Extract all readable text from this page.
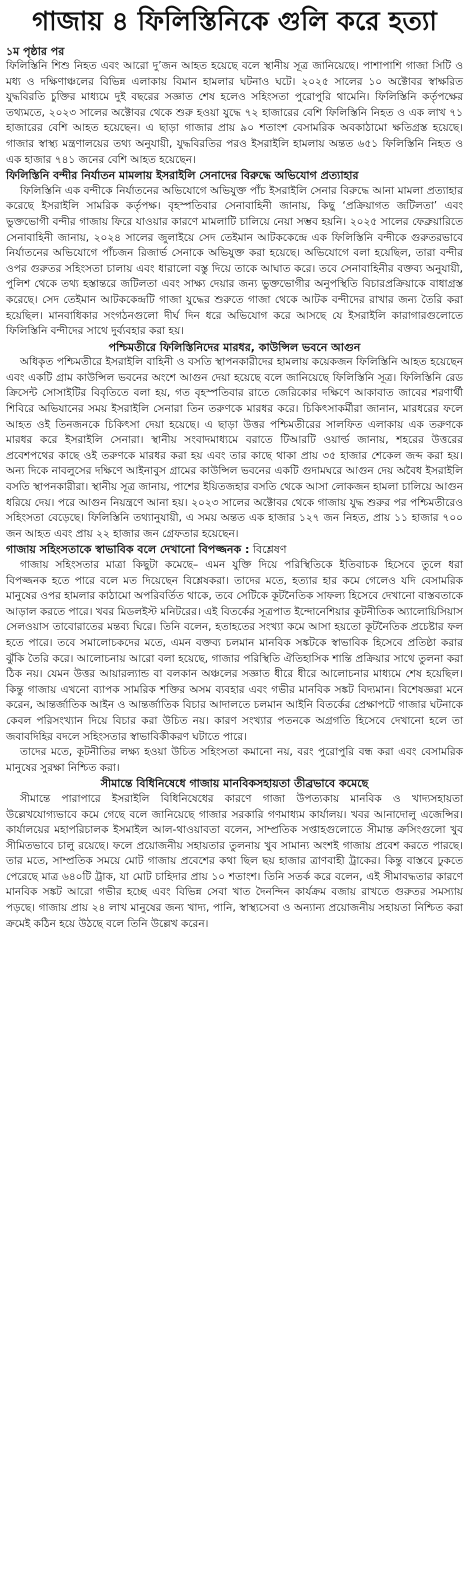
গাজায় ৪ ফিলিস্তিনিকে গুলি করে হত্যা

১ম পৃষ্ঠার পর

ফিলিস্তিনি শিশু নিহত এবং আরো দু’জন আহত হয়েছে বলে স্থানীয় সূত্র জানিয়েছে। পাশাপাশি গাজা সিটি ও মধ্য ও দক্ষিণাঞ্চলের বিভিন্ন এলাকায় বিমান হামলার ঘটনাও ঘটে। ২০২৫ সালের ১০ অক্টোবর স্বাক্ষরিত যুদ্ধবিরতি চুক্তির মাধ্যমে দুই বছরের সজ্ঞাত শেষ হলেও সহিংসতা পুরোপুরি থামেনি। ফিলিস্তিনি কর্তৃপক্ষের তথ্যমতে, ২০২৩ সালের অক্টোবর থেকে শুরু হওয়া যুদ্ধে ৭২ হাজারের বেশি ফিলিস্তিনি নিহত ও এক লাখ ৭১ হাজারের বেশি আহত হয়েছেন। এ ছাড়া গাজার প্রায় ৯০ শতাংশ বেসামরিক অবকাঠামো ক্ষতিগ্রস্ত হয়েছে। গাজার স্বাস্থ্য মন্ত্রণালয়ের তথ্য অনুযায়ী, যুদ্ধবিরতির পরও ইসরাইলি হামলায় অন্তত ৬৫১ ফিলিস্তিনি নিহত ও এক হাজার ৭৪১ জনের বেশি আহত হয়েছেন।

ফিলিস্তিনি বন্দীর নির্যাতন মামলায় ইসরাইলি সেনাদের বিরুদ্ধে অভিযোগ প্রত্যাহার

ফিলিস্তিনি এক বন্দীকে নির্যাতনের অভিযোগে অভিযুক্ত পাঁচ ইসরাইলি সেনার বিরুদ্ধে আনা মামলা প্রত্যাহার করেছে ইসরাইলি সামরিক কর্তৃপক্ষ। বৃহস্পতিবার সেনাবাহিনী জানায়, কিছু ‘প্রক্রিয়াগত জটিলতা’ এবং ভুক্তভোগী বন্দীর গাজায় ফিরে যাওয়ার কারণে মামলাটি চালিয়ে নেয়া সম্ভব হয়নি। ২০২৫ সালের ফেব্রুয়ারিতে সেনাবাহিনী জানায়, ২০২৪ সালের জুলাইয়ে সেদ তেইমান আটককেন্দ্রে এক ফিলিস্তিনি বন্দীকে গুরুতরভাবে নির্যাতনের অভিযোগে পাঁচজন রিজার্ভ সেনাকে অভিযুক্ত করা হয়েছে। অভিযোগে বলা হয়েছিল, তারা বন্দীর ওপর গুরুতর সহিংসতা চালায় এবং ধারালো বস্তু দিয়ে তাকে আঘাত করে। তবে সেনাবাহিনীর বক্তব্য অনুযায়ী, পুলিশ থেকে তথ্য হস্তান্তরে জটিলতা এবং সাক্ষ্য দেয়ার জন্য ভুক্তভোগীর অনুপস্থিতি বিচারপ্রক্রিয়াকে বাধাগ্রস্ত করেছে। সেদ তেইমান আটককেন্দ্রটি গাজা যুদ্ধের শুরুতে গাজা থেকে আটক বন্দীদের রাখার জন্য তৈরি করা হয়েছিল। মানবাধিকার সংগঠনগুলো দীর্ঘ দিন ধরে অভিযোগ করে আসছে যে ইসরাইলি কারাগারগুলোতে ফিলিস্তিনি বন্দীদের সাথে দুর্ব্যবহার করা হয়।

পশ্চিমতীরে ফিলিস্তিনিদের মারধর, কাউন্সিল ভবনে আগুন

অধিকৃত পশ্চিমতীরে ইসরাইলি বাহিনী ও বসতি স্থাপনকারীদের হামলায় কয়েকজন ফিলিস্তিনি আহত হয়েছেন এবং একটি গ্রাম কাউন্সিল ভবনের অংশে আগুন দেয়া হয়েছে বলে জানিয়েছে ফিলিস্তিনি সূত্র। ফিলিস্তিনি রেড ক্রিসেন্ট সোসাইটির বিবৃতিতে বলা হয়, গত বৃহস্পতিবার রাতে জেরিকোর দক্ষিণে আকাবাত জাবের শরণার্থী শিবিরে অভিযানের সময় ইসরাইলি সেনারা তিন তরুণকে মারধর করে। চিকিৎসাকর্মীরা জানান, মারধরের ফলে আহত ওই তিনজনকে চিকিৎসা দেয়া হয়েছে। এ ছাড়া উত্তর পশ্চিমতীরের সালফিত এলাকায় এক তরুণকে মারধর করে ইসরাইলি সেনারা। স্থানীয় সংবাদমাধ্যমে বরাতে টিআরটি ওয়ার্ল্ড জানায়, শহরের উত্তরের প্রবেশপথের কাছে ওই তরুণকে মারধর করা হয় এবং তার কাছে থাকা প্রায় ৩৫ হাজার শেকেল জব্দ করা হয়। অন্য দিকে নাবলুসের দক্ষিণে আইনাবুস গ্রামের কাউন্সিল ভবনের একটি গুদামঘরে আগুন দেয় অবৈধ ইসরাইলি বসতি স্থাপনকারীরা। স্থানীয় সূত্র জানায়, পাশের ইয়িতজহার বসতি থেকে আসা লোকজন হামলা চালিয়ে আগুন ধরিয়ে দেয়। পরে আগুন নিয়ন্ত্রণে আনা হয়। ২০২৩ সালের অক্টোবর থেকে গাজায় যুদ্ধ শুরুর পর পশ্চিমতীরেও সহিংসতা বেড়েছে। ফিলিস্তিনি তথ্যানুযায়ী, এ সময় অন্তত এক হাজার ১২৭ জন নিহত, প্রায় ১১ হাজার ৭০০ জন আহত এবং প্রায় ২২ হাজার জন গ্রেফতার হয়েছেন।

গাজায় সহিংসতাকে স্বাভাবিক বলে দেখানো বিপজ্জনক : বিশ্লেষণ

গাজায় সহিংসতার মাত্রা কিছুটা কমেছে– এমন যুক্তি দিয়ে পরিস্থিতিকে ইতিবাচক হিসেবে তুলে ধরা বিপজ্জনক হতে পারে বলে মত দিয়েছেন বিশ্লেষকরা। তাদের মতে, হত্যার হার কমে গেলেও যদি বেসামরিক মানুষের ওপর হামলার কাঠামো অপরিবর্তিত থাকে, তবে সেটিকে কূটনৈতিক সাফল্য হিসেবে দেখানো বাস্তবতাকে আড়াল করতে পারে। খবর মিডলইস্ট মনিটরের। এই বিতর্কের সূত্রপাত ইন্দোনেশিয়ার কূটনীতিক অ্যালোয়িসিয়াস সেলওয়াস তাবোরাতের মন্তব্য ঘিরে। তিনি বলেন, হতাহতের সংখ্যা কমে আসা হয়তো কূটনৈতিক প্রচেষ্টার ফল হতে পারে। তবে সমালোচকদের মতে, এমন বক্তব্য চলমান মানবিক সঙ্কটকে স্বাভাবিক হিসেবে প্রতিষ্ঠা করার ঝুঁকি তৈরি করে। আলোচনায় আরো বলা হয়েছে, গাজার পরিস্থিতি ঐতিহাসিক শান্তি প্রক্রিয়ার সাথে তুলনা করা ঠিক নয়। যেমন উত্তর আয়ারল্যান্ড বা বলকান অঞ্চলের সজ্ঞাত ধীরে ধীরে আলোচনার মাধ্যমে শেষ হয়েছিল। কিন্তু গাজায় এখনো ব্যাপক সামরিক শক্তির অসম ব্যবহার এবং গভীর মানবিক সঙ্কট বিদ্যমান। বিশেষজ্ঞরা মনে করেন, আন্তর্জাতিক আইন ও আন্তর্জাতিক বিচার আদালতে চলমান আইনি বিতর্কের প্রেক্ষাপটে গাজার ঘটনাকে কেবল পরিসংখ্যান দিয়ে বিচার করা উচিত নয়। কারণ সংখ্যার পতনকে অগ্রগতি হিসেবে দেখানো হলে তা জবাবদিহির বদলে সহিংসতার স্বাভাবিকীকরণ ঘটাতে পারে।

তাদের মতে, কূটনীতির লক্ষ্য হওয়া উচিত সহিংসতা কমানো নয়, বরং পুরোপুরি বন্ধ করা এবং বেসামরিক মানুষের সুরক্ষা নিশ্চিত করা।

সীমান্তে বিধিনিষেধে গাজায় মানবিকসহায়তা তীব্রভাবে কমেছে

সীমান্তে পারাপারে ইসরাইলি বিধিনিষেধের কারণে গাজা উপত্যকায় মানবিক ও খাদ্যসহায়তা উল্লেখযোগ্যভাবে কমে গেছে বলে জানিয়েছে গাজার সরকারি গণমাধ্যম কার্যালয়। খবর আনাদোলু এজেন্সির। কার্যালয়ের মহাপরিচালক ইসমাইল আল-থাওয়াবতা বলেন, সাম্প্রতিক সপ্তাহগুলোতে সীমান্ত ক্রসিংগুলো খুব সীমিতভাবে চালু রয়েছে। ফলে প্রয়োজনীয় সহায়তার তুলনায় খুব সামান্য অংশই গাজায় প্রবেশ করতে পারছে। তার মতে, সাম্প্রতিক সময়ে মোট গাজায় প্রবেশের কথা ছিল ছয় হাজার ত্রাণবাহী ট্রাকের। কিন্তু বাস্তবে ঢুকতে পেরেছে মাত্র ৬৪০টি ট্রাক, যা মোট চাহিদার প্রায় ১০ শতাংশ। তিনি সতর্ক করে বলেন, এই সীমাবদ্ধতার কারণে মানবিক সঙ্কট আরো গভীর হচ্ছে এবং বিভিন্ন সেবা খাত দৈনন্দিন কার্যক্রম বজায় রাখতে গুরুতর সমস্যায় পড়ছে। গাজায় প্রায় ২৪ লাখ মানুষের জন্য খাদ্য, পানি, স্বাস্থ্যসেবা ও অন্যান্য প্রয়োজনীয় সহায়তা নিশ্চিত করা ক্রমেই কঠিন হয়ে উঠছে বলে তিনি উল্লেখ করেন।
